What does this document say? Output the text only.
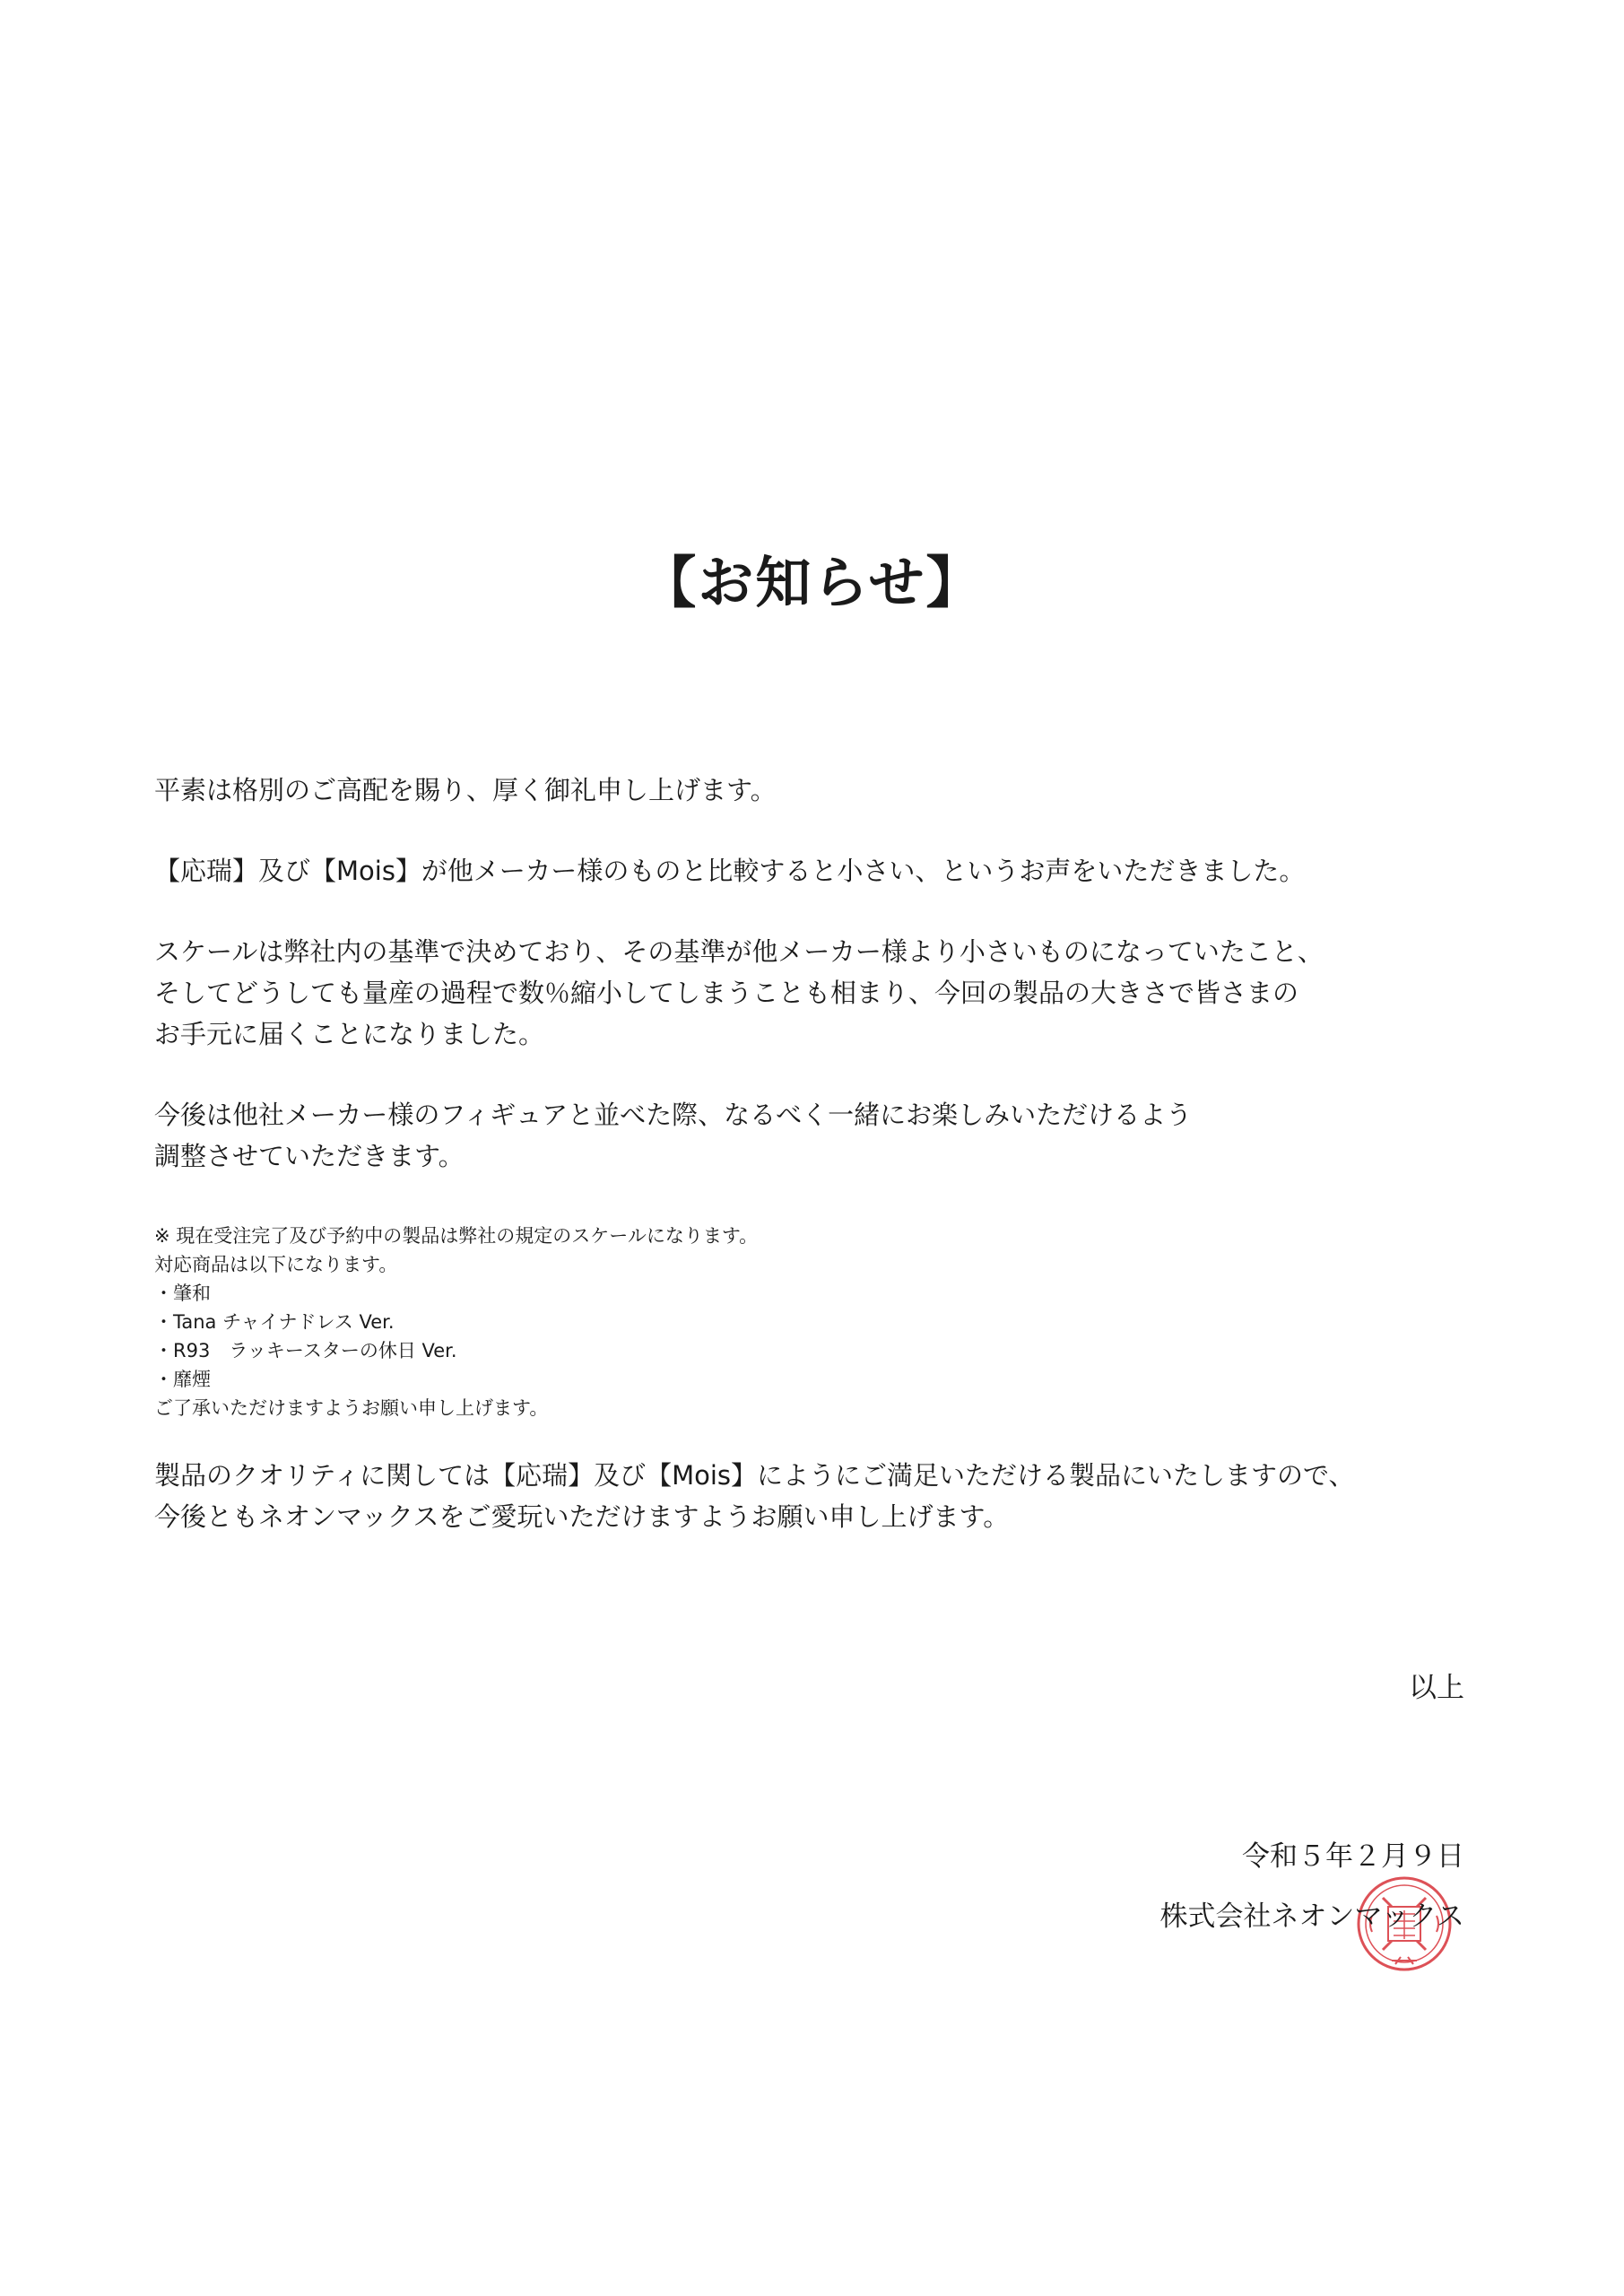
【お知らせ】

平素は格別のご高配を賜り、厚く御礼申し上げます。

【応瑞】及び【Mois】が他メーカー様のものと比較すると小さい、というお声をいただきました。

スケールは弊社内の基準で決めており、その基準が他メーカー様より小さいものになっていたこと、
そしてどうしても量産の過程で数％縮小してしまうことも相まり、今回の製品の大きさで皆さまの
お手元に届くことになりました。

今後は他社メーカー様のフィギュアと並べた際、なるべく一緒にお楽しみいただけるよう
調整させていただきます。

※ 現在受注完了及び予約中の製品は弊社の規定のスケールになります。
対応商品は以下になります。
・肇和
・Tana チャイナドレス Ver.
・R93　ラッキースターの休日 Ver.
・靡煙
ご了承いただけますようお願い申し上げます。

製品のクオリティに関しては【応瑞】及び【Mois】にようにご満足いただける製品にいたしますので、
今後ともネオンマックスをご愛玩いただけますようお願い申し上げます。

以上

令和５年２月９日

株式会社ネオンマックス
